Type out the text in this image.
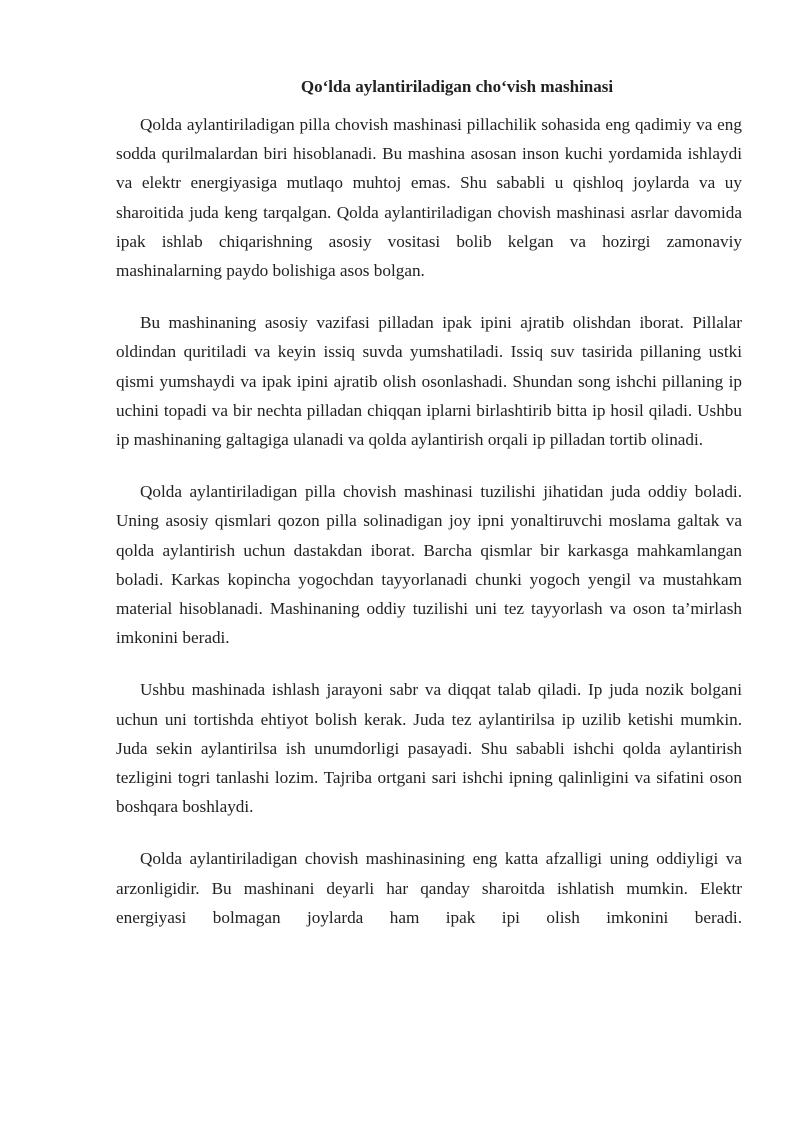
Qo‘lda aylantiriladigan cho‘vish mashinasi

Qolda aylantiriladigan pilla chovish mashinasi pillachilik sohasida eng qadimiy va eng sodda qurilmalardan biri hisoblanadi. Bu mashina asosan inson kuchi yordamida ishlaydi va elektr energiyasiga mutlaqo muhtoj emas. Shu sababli u qishloq joylarda va uy sharoitida juda keng tarqalgan. Qolda aylantiriladigan chovish mashinasi asrlar davomida ipak ishlab chiqarishning asosiy vositasi bolib kelgan va hozirgi zamonaviy mashinalarning paydo bolishiga asos bolgan.

Bu mashinaning asosiy vazifasi pilladan ipak ipini ajratib olishdan iborat. Pillalar oldindan quritiladi va keyin issiq suvda yumshatiladi. Issiq suv tasirida pillaning ustki qismi yumshaydi va ipak ipini ajratib olish osonlashadi. Shundan song ishchi pillaning ip uchini topadi va bir nechta pilladan chiqqan iplarni birlashtirib bitta ip hosil qiladi. Ushbu ip mashinaning galtagiga ulanadi va qolda aylantirish orqali ip pilladan tortib olinadi.

Qolda aylantiriladigan pilla chovish mashinasi tuzilishi jihatidan juda oddiy boladi. Uning asosiy qismlari qozon pilla solinadigan joy ipni yonaltiruvchi moslama galtak va qolda aylantirish uchun dastakdan iborat. Barcha qismlar bir karkasga mahkamlangan boladi. Karkas kopincha yogochdan tayyorlanadi chunki yogoch yengil va mustahkam material hisoblanadi. Mashinaning oddiy tuzilishi uni tez tayyorlash va oson ta’mirlash imkonini beradi.

Ushbu mashinada ishlash jarayoni sabr va diqqat talab qiladi. Ip juda nozik bolgani uchun uni tortishda ehtiyot bolish kerak. Juda tez aylantirilsa ip uzilib ketishi mumkin. Juda sekin aylantirilsa ish unumdorligi pasayadi. Shu sababli ishchi qolda aylantirish tezligini togri tanlashi lozim. Tajriba ortgani sari ishchi ipning qalinligini va sifatini oson boshqara boshlaydi.

Qolda aylantiriladigan chovish mashinasining eng katta afzalligi uning oddiyligi va arzonligidir. Bu mashinani deyarli har qanday sharoitda ishlatish mumkin. Elektr energiyasi bolmagan joylarda ham ipak ipi olish imkonini beradi.
